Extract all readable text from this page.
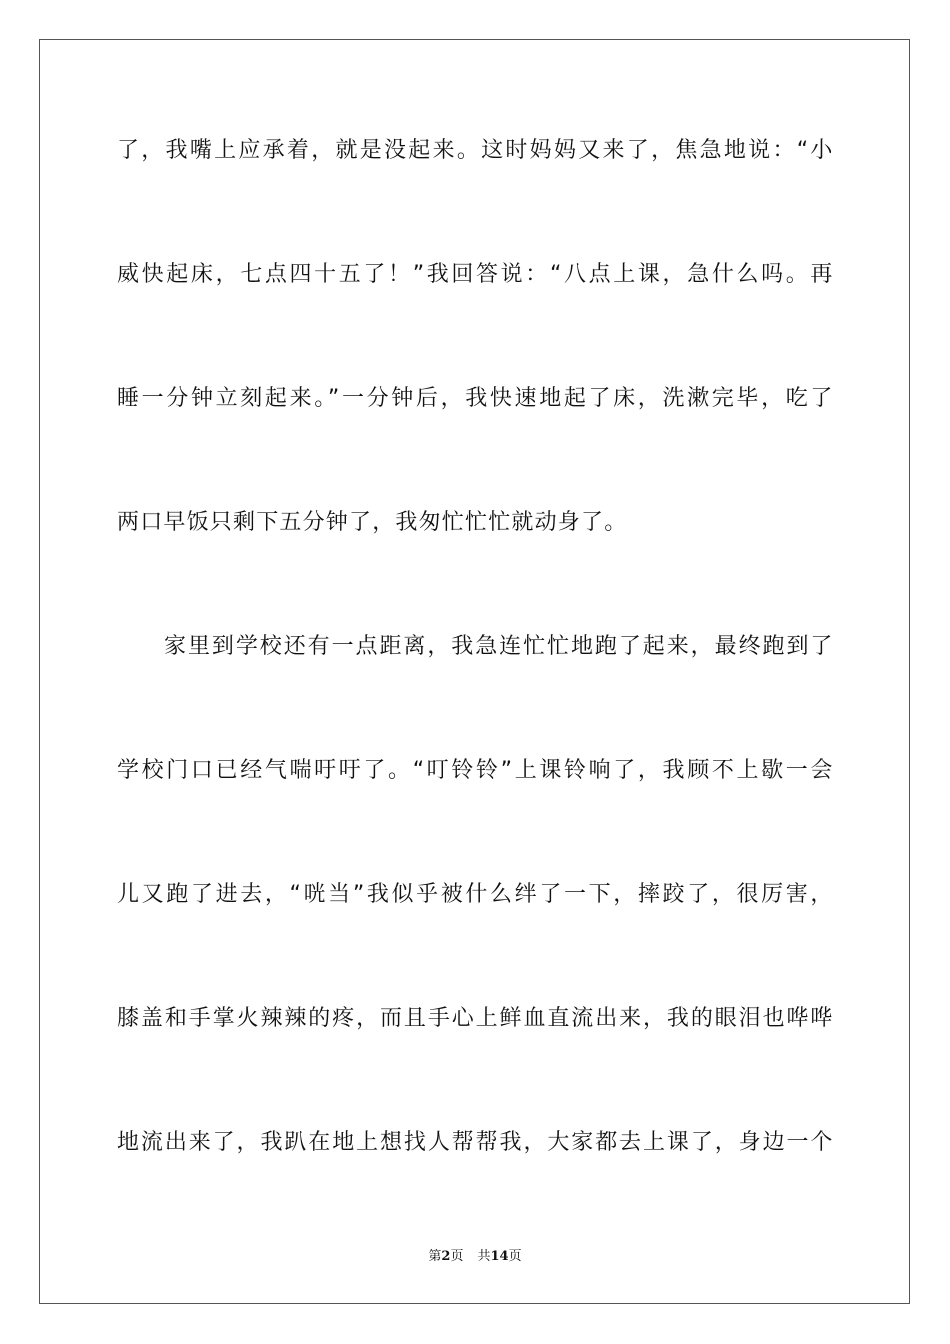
了，我嘴上应承着，就是没起来。这时妈妈又来了，焦急地说：“小
威快起床，七点四十五了！”我回答说：“八点上课，急什么吗。再
睡一分钟立刻起来。”一分钟后，我快速地起了床，洗漱完毕，吃了
两口早饭只剩下五分钟了，我匆忙忙忙就动身了。
家里到学校还有一点距离，我急连忙忙地跑了起来，最终跑到了
学校门口已经气喘吁吁了。“叮铃铃”上课铃响了，我顾不上歇一会
儿又跑了进去，“咣当”我似乎被什么绊了一下，摔跤了，很厉害，
膝盖和手掌火辣辣的疼，而且手心上鲜血直流出来，我的眼泪也哗哗
地流出来了，我趴在地上想找人帮帮我，大家都去上课了，身边一个
第2页 共14页
